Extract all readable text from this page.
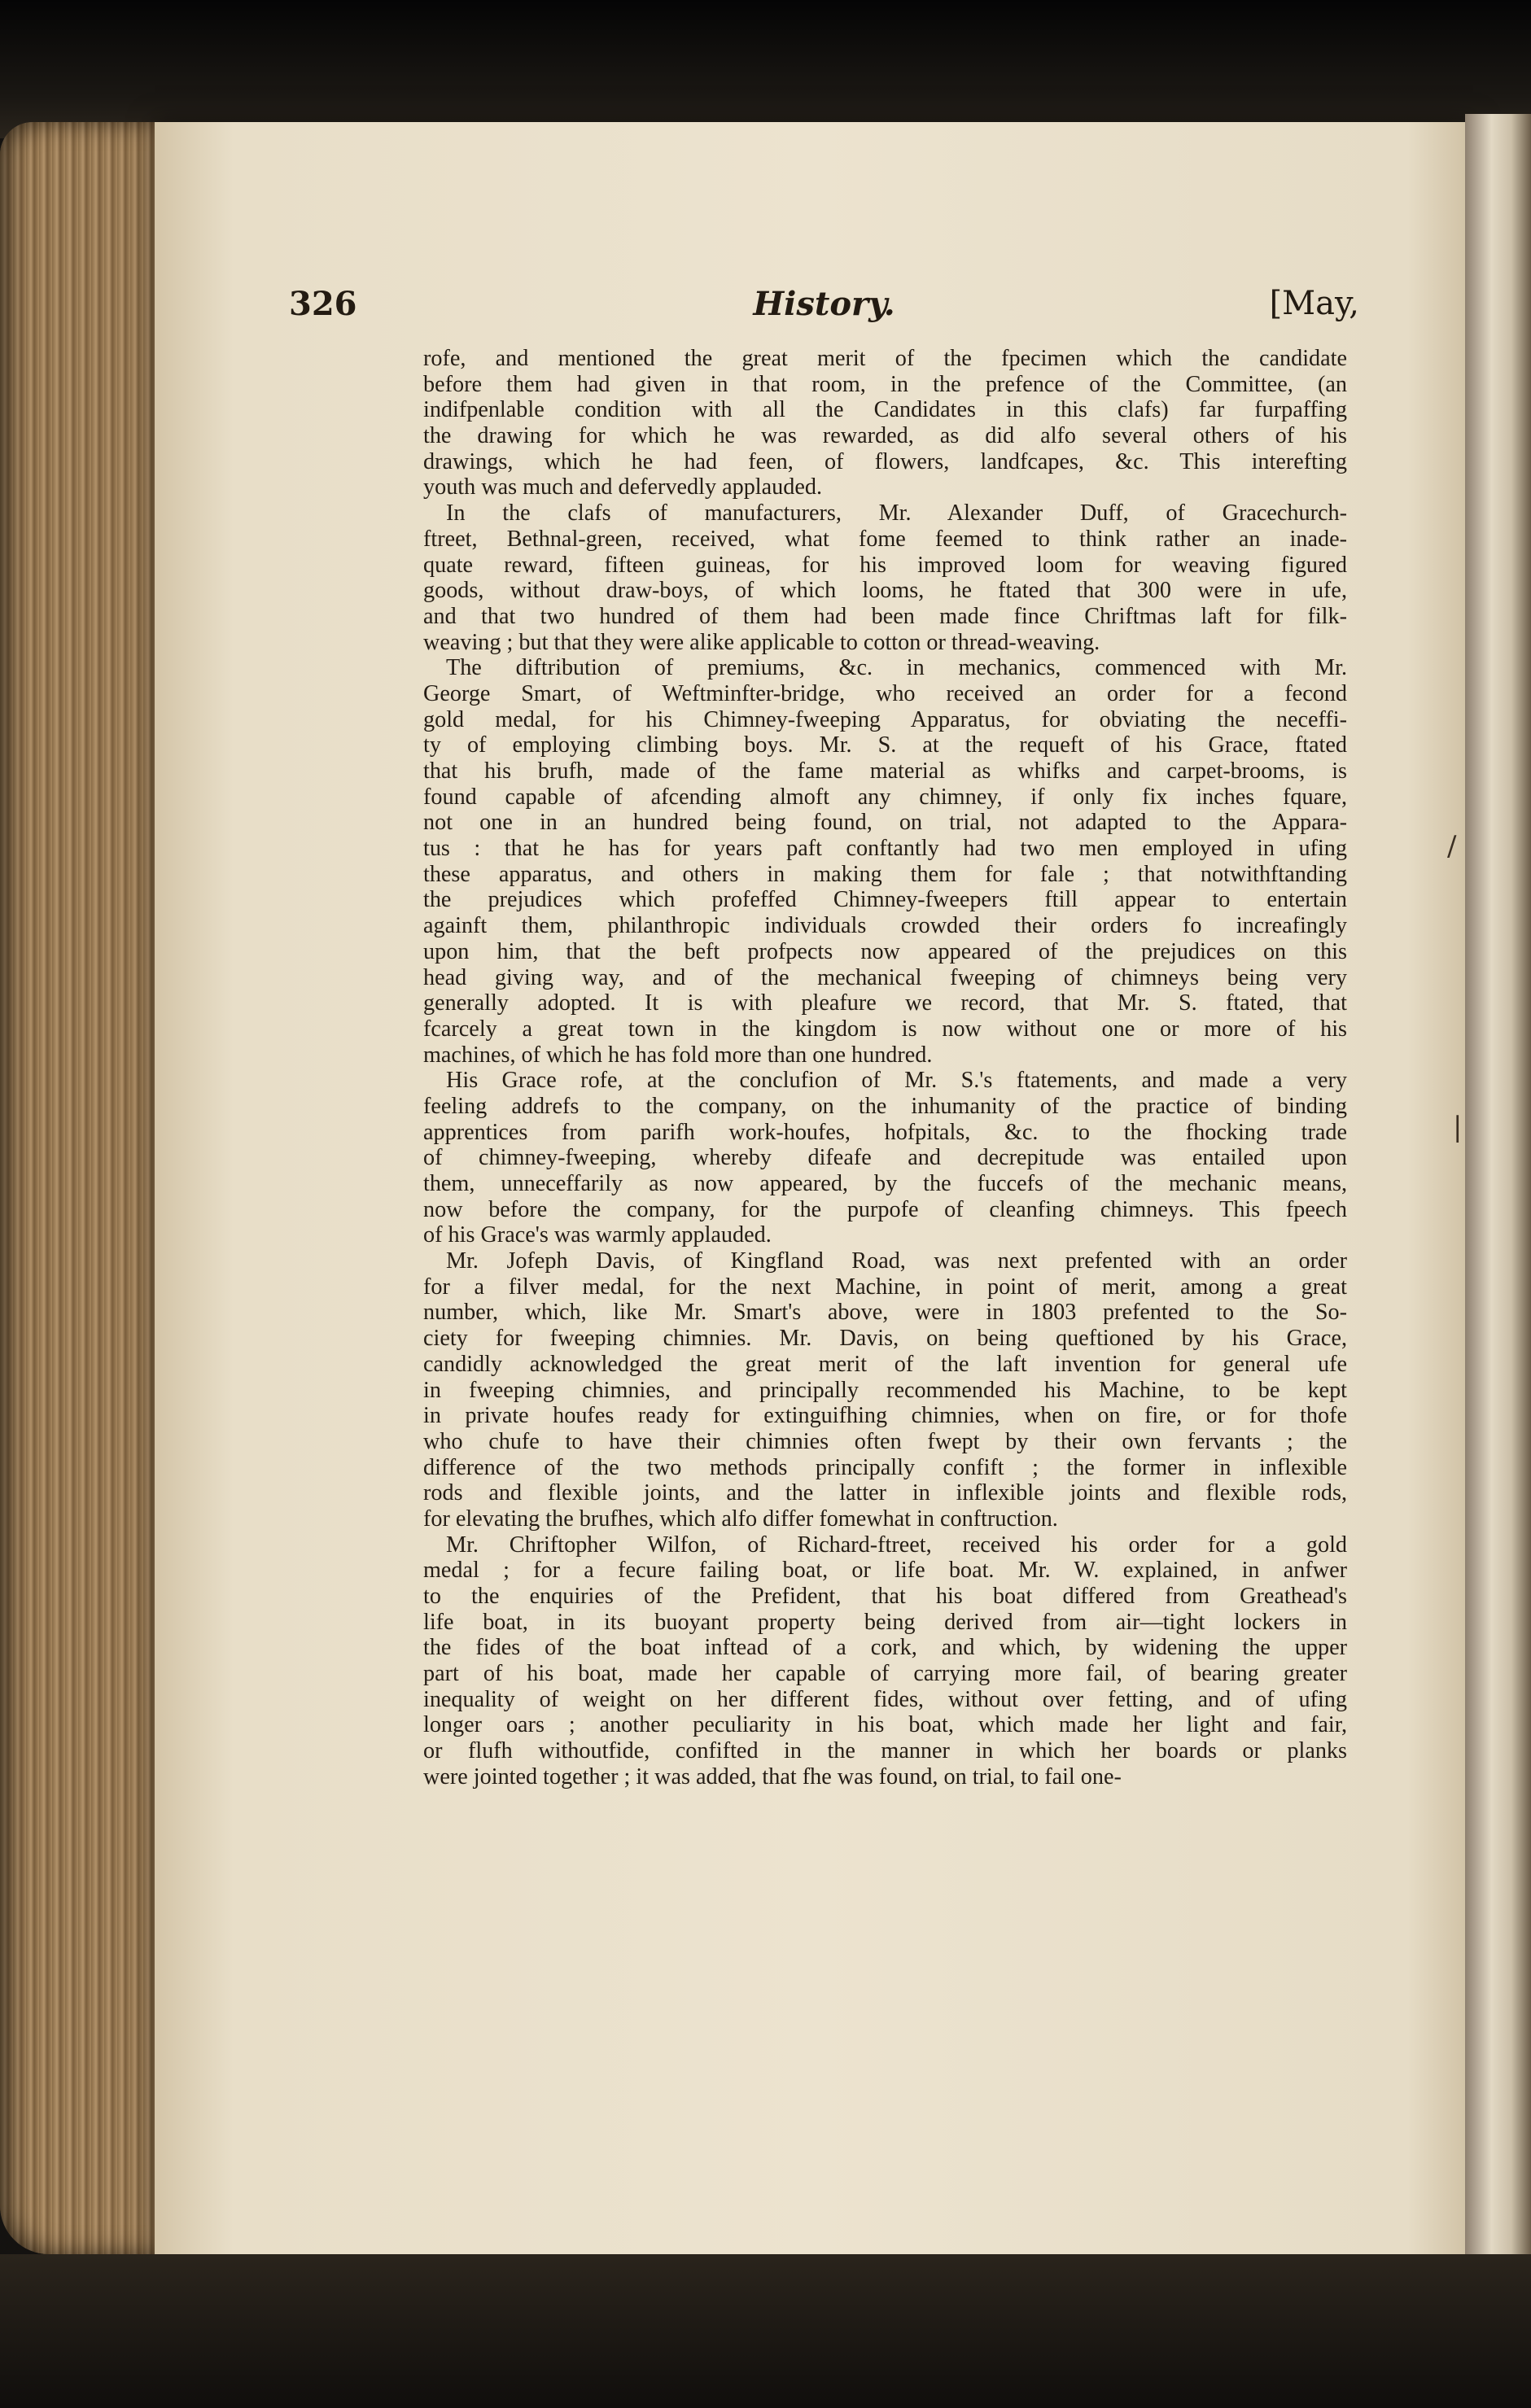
326	History.	[May,
rofe, and mentioned the great merit of the fpecimen which the candidate
before them had given in that room, in the prefence of the Committee, (an
indifpenlable condition with all the Candidates in this clafs) far furpaffing
the drawing for which he was rewarded, as did alfo several others of his
drawings, which he had feen, of flowers, landfcapes, &c. This interefting
youth was much and defervedly applauded.
In the clafs of manufacturers, Mr. Alexander Duff, of Gracechurch-
ftreet, Bethnal-green, received, what fome feemed to think rather an inade-
quate reward, fifteen guineas, for his improved loom for weaving figured
goods, without draw-boys, of which looms, he ftated that 300 were in ufe,
and that two hundred of them had been made fince Chriftmas laft for filk-
weaving ; but that they were alike applicable to cotton or thread-weaving.
The diftribution of premiums, &c. in mechanics, commenced with Mr.
George Smart, of Weftminfter-bridge, who received an order for a fecond
gold medal, for his Chimney-fweeping Apparatus, for obviating the neceffi-
ty of employing climbing boys. Mr. S. at the requeft of his Grace, ftated
that his brufh, made of the fame material as whifks and carpet-brooms, is
found capable of afcending almoft any chimney, if only fix inches fquare,
not one in an hundred being found, on trial, not adapted to the Appara-
tus : that he has for years paft conftantly had two men employed in ufing
these apparatus, and others in making them for fale ; that notwithftanding
the prejudices which profeffed Chimney-fweepers ftill appear to entertain
againft them, philanthropic individuals crowded their orders fo increafingly
upon him, that the beft profpects now appeared of the prejudices on this
head giving way, and of the mechanical fweeping of chimneys being very
generally adopted. It is with pleafure we record, that Mr. S. ftated, that
fcarcely a great town in the kingdom is now without one or more of his
machines, of which he has fold more than one hundred.
His Grace rofe, at the conclufion of Mr. S.'s ftatements, and made a very
feeling addrefs to the company, on the inhumanity of the practice of binding
apprentices from parifh work-houfes, hofpitals, &c. to the fhocking trade
of chimney-fweeping, whereby difeafe and decrepitude was entailed upon
them, unneceffarily as now appeared, by the fuccefs of the mechanic means,
now before the company, for the purpofe of cleanfing chimneys. This fpeech
of his Grace's was warmly applauded.
Mr. Jofeph Davis, of Kingfland Road, was next prefented with an order
for a filver medal, for the next Machine, in point of merit, among a great
number, which, like Mr. Smart's above, were in 1803 prefented to the So-
ciety for fweeping chimnies. Mr. Davis, on being queftioned by his Grace,
candidly acknowledged the great merit of the laft invention for general ufe
in fweeping chimnies, and principally recommended his Machine, to be kept
in private houfes ready for extinguifhing chimnies, when on fire, or for thofe
who chufe to have their chimnies often fwept by their own fervants ; the
difference of the two methods principally confift ; the former in inflexible
rods and flexible joints, and the latter in inflexible joints and flexible rods,
for elevating the brufhes, which alfo differ fomewhat in conftruction.
Mr. Chriftopher Wilfon, of Richard-ftreet, received his order for a gold
medal ; for a fecure failing boat, or life boat. Mr. W. explained, in anfwer
to the enquiries of the Prefident, that his boat differed from Greathead's
life boat, in its buoyant property being derived from air—tight lockers in
the fides of the boat inftead of a cork, and which, by widening the upper
part of his boat, made her capable of carrying more fail, of bearing greater
inequality of weight on her different fides, without over fetting, and of ufing
longer oars ; another peculiarity in his boat, which made her light and fair,
or flufh withoutfide, confifted in the manner in which her boards or planks
were jointed together ; it was added, that fhe was found, on trial, to fail one-
/
|
